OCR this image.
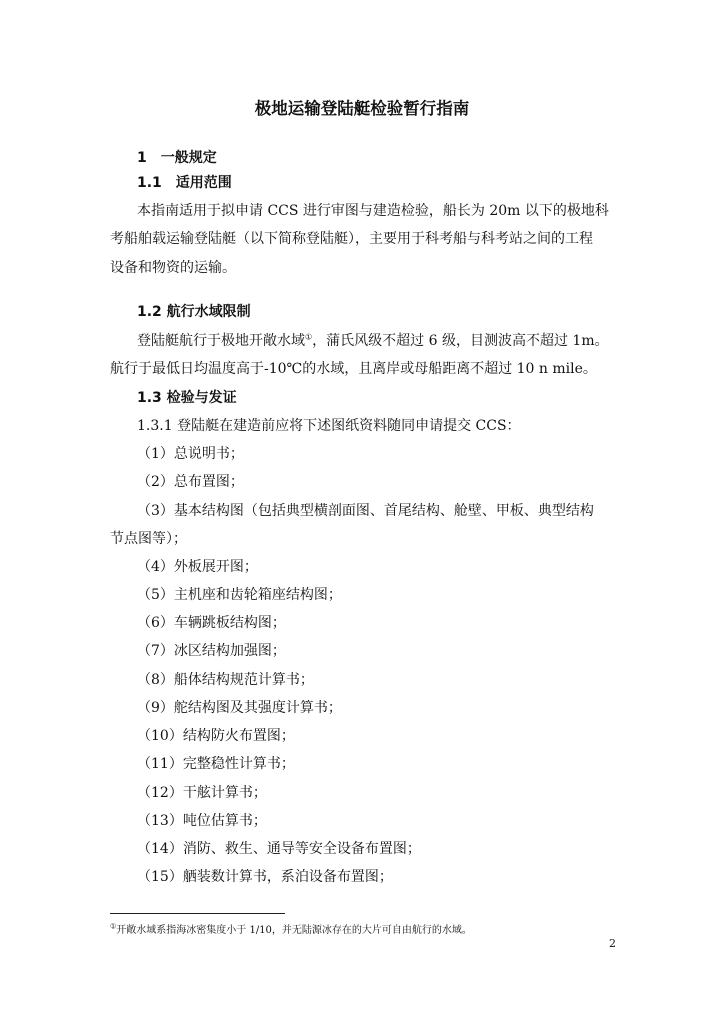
极地运输登陆艇检验暂行指南
1　一般规定
1.1　适用范围
本指南适用于拟申请 CCS 进行审图与建造检验，船长为 20m 以下的极地科
考船舶载运输登陆艇（以下简称登陆艇），主要用于科考船与科考站之间的工程
设备和物资的运输。
1.2 航行水域限制
登陆艇航行于极地开敞水域①，蒲氏风级不超过 6 级，目测波高不超过 1m。
航行于最低日均温度高于-10℃的水域，且离岸或母船距离不超过 10 n mile。
1.3 检验与发证
1.3.1 登陆艇在建造前应将下述图纸资料随同申请提交 CCS：
（1）总说明书；
（2）总布置图；
（3）基本结构图（包括典型横剖面图、首尾结构、舱壁、甲板、典型结构
节点图等）；
（4）外板展开图；
（5）主机座和齿轮箱座结构图；
（6）车辆跳板结构图；
（7）冰区结构加强图；
（8）船体结构规范计算书；
（9）舵结构图及其强度计算书；
（10）结构防火布置图；
（11）完整稳性计算书；
（12）干舷计算书；
（13）吨位估算书；
（14）消防、救生、通导等安全设备布置图；
（15）舾装数计算书，系泊设备布置图；
①开敞水域系指海冰密集度小于 1/10，并无陆源冰存在的大片可自由航行的水域。
2
